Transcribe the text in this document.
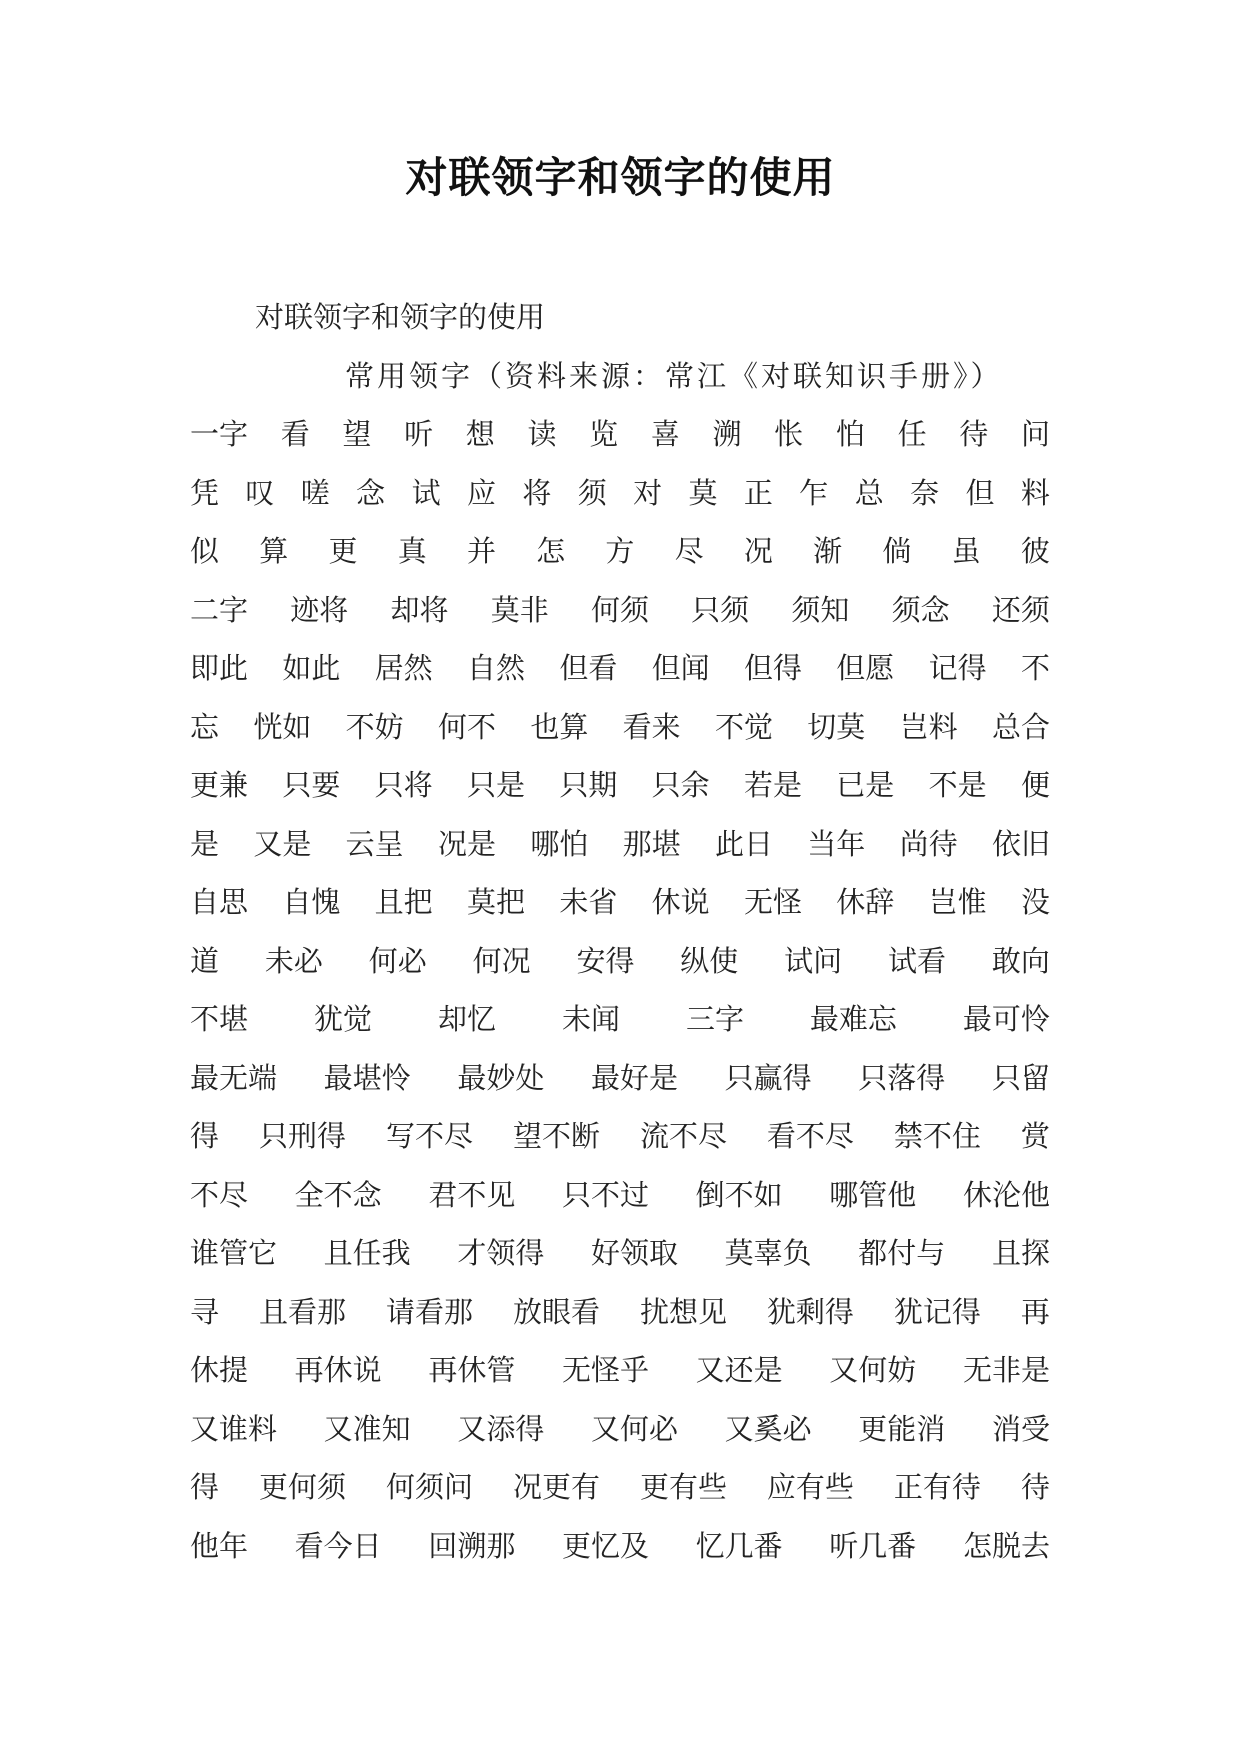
对联领字和领字的使用
对联领字和领字的使用
常用领字（资料来源：常江《对联知识手册》）
一字 看 望 听 想 读 览 喜 溯 怅 怕 任 待 问
凭 叹 嗟 念 试 应 将 须 对 莫 正 乍 总 奈 但 料
似 算 更 真 并 怎 方 尽 况 渐 倘 虽 彼
二字 迹将 却将 莫非 何须 只须 须知 须念 还须
即此 如此 居然 自然 但看 但闻 但得 但愿 记得 不
忘 恍如 不妨 何不 也算 看来 不觉 切莫 岂料 总合
更兼 只要 只将 只是 只期 只余 若是 已是 不是 便
是 又是 云呈 况是 哪怕 那堪 此日 当年 尚待 依旧
自思 自愧 且把 莫把 未省 休说 无怪 休辞 岂惟 没
道 未必 何必 何况 安得 纵使 试问 试看 敢向
不堪 犹觉 却忆 未闻 三字 最难忘 最可怜
最无端 最堪怜 最妙处 最好是 只赢得 只落得 只留
得 只刑得 写不尽 望不断 流不尽 看不尽 禁不住 赏
不尽 全不念 君不见 只不过 倒不如 哪管他 休沦他
谁管它 且任我 才领得 好领取 莫辜负 都付与 且探
寻 且看那 请看那 放眼看 扰想见 犹剩得 犹记得 再
休提 再休说 再休管 无怪乎 又还是 又何妨 无非是
又谁料 又准知 又添得 又何必 又奚必 更能消 消受
得 更何须 何须问 况更有 更有些 应有些 正有待 待
他年 看今日 回溯那 更忆及 忆几番 听几番 怎脱去
